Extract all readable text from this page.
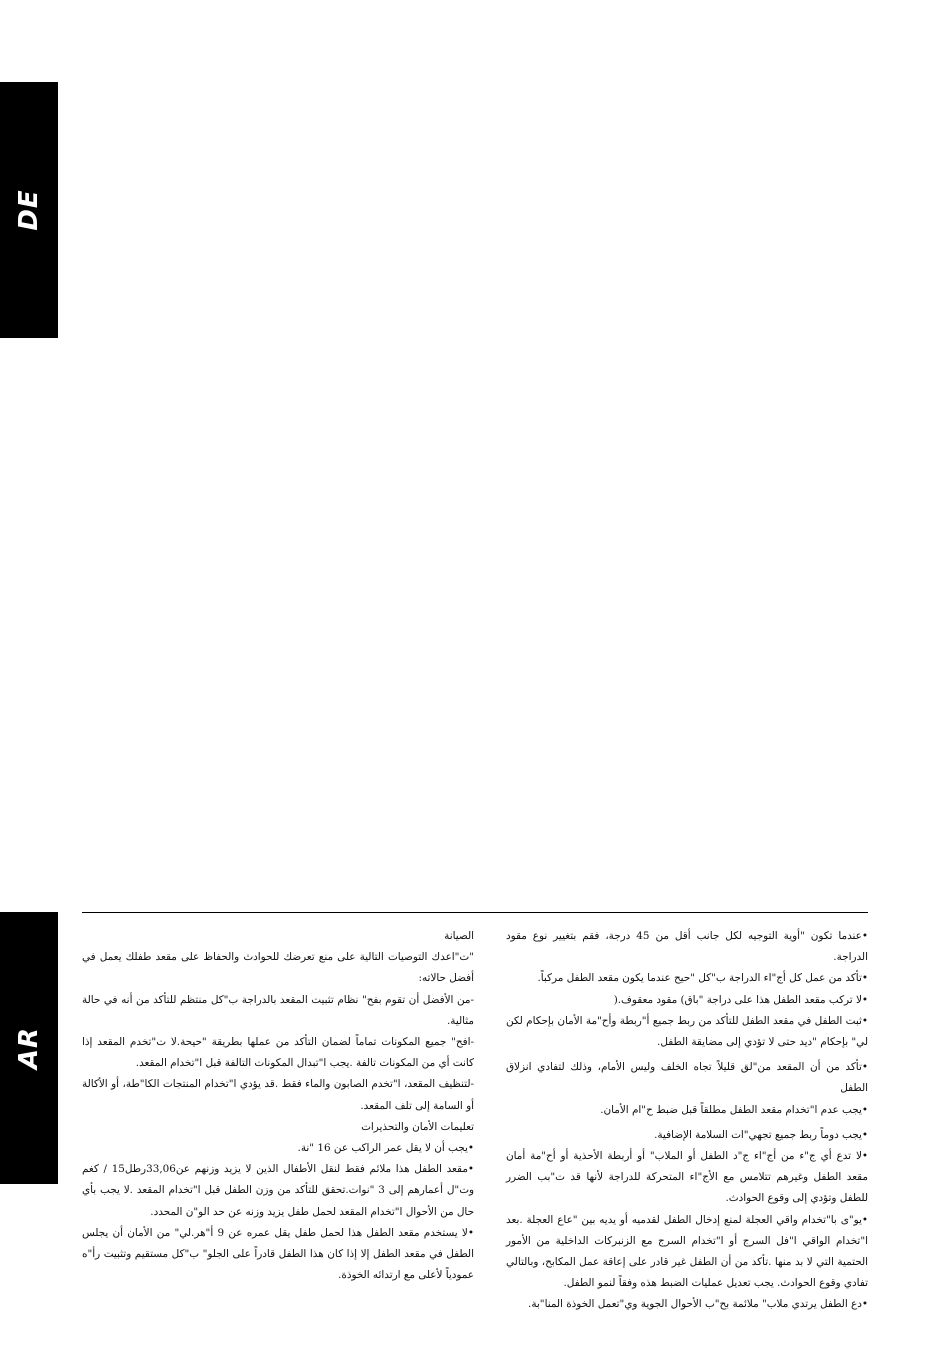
DE
AR

•عندما تكون "أوية التوجيه لكل جانب أقل من 45 درجة، فقم بتغيير نوع مقود الدراجة.

•تأكد من عمل كل أج"اء الدراجة ب"كل "حيح عندما يكون مقعد الطفل مركباً.

•لا تركب مقعد الطفل هذا على دراجة "باق) مقود معقوف.(

•ثبت الطفل في مقعد الطفل للتأكد من ربط جميع أ"ربطة وأح"مة الأمان بإحكام لكن لي" بإحكام "ديد حتى لا تؤدي إلى مضايقة الطفل.

•تأكد من أن المقعد من"لق قليلاً تجاه الخلف وليس الأمام، وذلك لتفادي انزلاق الطفل

•يجب عدم ا"تخدام مقعد الطفل مطلقاً قبل ضبط ح"ام الأمان.

•يجب دوماً ربط جميع تجهي"ات السلامة الإضافية.

•لا تدع أي ج"ء من أج"اء ج"د الطفل أو الملاب" أو أربطة الأحذية أو أح"مة أمان مقعد الطفل وغيرهم تتلامس مع الأج"اء المتحركة للدراجة لأنها قد ت"بب الضرر للطفل وتؤدي إلى وقوع الحوادث.

•يو"ى با"تخدام واقي العجلة لمنع إدخال الطفل لقدميه أو يديه بين "عاع العجلة .بعد ا"تخدام الواقي ا"فل السرج أو ا"تخدام السرج مع الزنبركات الداخلية من الأمور الحتمية التي لا بد منها .تأكد من أن الطفل غير قادر على إعاقة عمل المكابح، وبالتالي تفادي وقوع الحوادث. يجب تعديل عمليات الضبط هذه وفقاً لنمو الطفل.

•دع الطفل يرتدي ملاب" ملائمة بح"ب الأحوال الجوية وي"تعمل الخوذة المنا"بة.

الصيانة

"ت"اعدك التوصيات التالية على منع تعرضك للحوادث والحفاظ على مقعد طفلك يعمل في أفضل حالاته:

-من الأفضل أن تقوم بفح" نظام تثبيت المقعد بالدراجة ب"كل منتظم للتأكد من أنه في حالة مثالية.

-افح" جميع المكونات تماماً لضمان التأكد من عملها بطريقة "حيحة.لا ت"تخدم المقعد إذا كانت أي من المكونات تالفة .يجب ا"تبدال المكونات التالفة قبل ا"تخدام المقعد.

-لتنظيف المقعد، ا"تخدم الصابون والماء فقط .قد يؤدي ا"تخدام المنتجات الكا"طة، أو الأكالة أو السامة إلى تلف المقعد.

تعليمات الأمان والتحذيرات

•يجب أن لا يقل عمر الراكب عن 16 "نة.

•مقعد الطفل هذا ملائم فقط لنقل الأطفال الذين لا يزيد وزنهم عن33,06رطل15 / كغم وت"ل أعمارهم إلى 3 "نوات.تحقق للتأكد من وزن الطفل قبل ا"تخدام المقعد .لا يجب بأي حال من الأحوال ا"تخدام المقعد لحمل طفل يزيد وزنه عن حد الو"ن المحدد.

•لا يستخدم مقعد الطفل هذا لحمل طفل يقل عمره عن 9 أ"هر.لي" من الأمان أن يجلس الطفل في مقعد الطفل إلا إذا كان هذا الطفل قادراً على الجلو" ب"كل مستقيم وتثبيت رأ"ه عمودياً لأعلى مع ارتدائه الخوذة.
